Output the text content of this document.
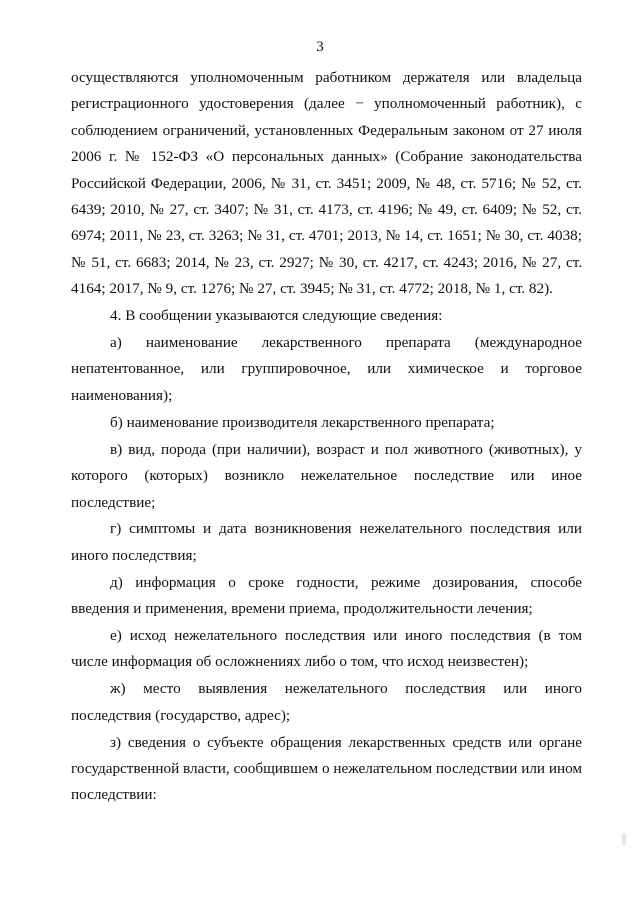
3

осуществляются уполномоченным работником держателя или владельца регистрационного удостоверения (далее − уполномоченный работник), с соблюдением ограничений, установленных Федеральным законом от 27 июля 2006 г. № 152-ФЗ «О персональных данных» (Собрание законодательства Российской Федерации, 2006, № 31, ст. 3451; 2009, № 48, ст. 5716; № 52, ст. 6439; 2010, № 27, ст. 3407; № 31, ст. 4173, ст. 4196; № 49, ст. 6409; № 52, ст. 6974; 2011, № 23, ст. 3263; № 31, ст. 4701; 2013, № 14, ст. 1651; № 30, ст. 4038; № 51, ст. 6683; 2014, № 23, ст. 2927; № 30, ст. 4217, ст. 4243; 2016, № 27, ст. 4164; 2017, № 9, ст. 1276; № 27, ст. 3945; № 31, ст. 4772; 2018, № 1, ст. 82).

4. В сообщении указываются следующие сведения:

а) наименование лекарственного препарата (международное непатентованное, или группировочное, или химическое и торговое наименования);

б) наименование производителя лекарственного препарата;

в) вид, порода (при наличии), возраст и пол животного (животных), у которого (которых) возникло нежелательное последствие или иное последствие;

г) симптомы и дата возникновения нежелательного последствия или иного последствия;

д) информация о сроке годности, режиме дозирования, способе введения и применения, времени приема, продолжительности лечения;

е) исход нежелательного последствия или иного последствия (в том числе информация об осложнениях либо о том, что исход неизвестен);

ж) место выявления нежелательного последствия или иного последствия (государство, адрес);

з) сведения о субъекте обращения лекарственных средств или органе государственной власти, сообщившем о нежелательном последствии или ином последствии:
